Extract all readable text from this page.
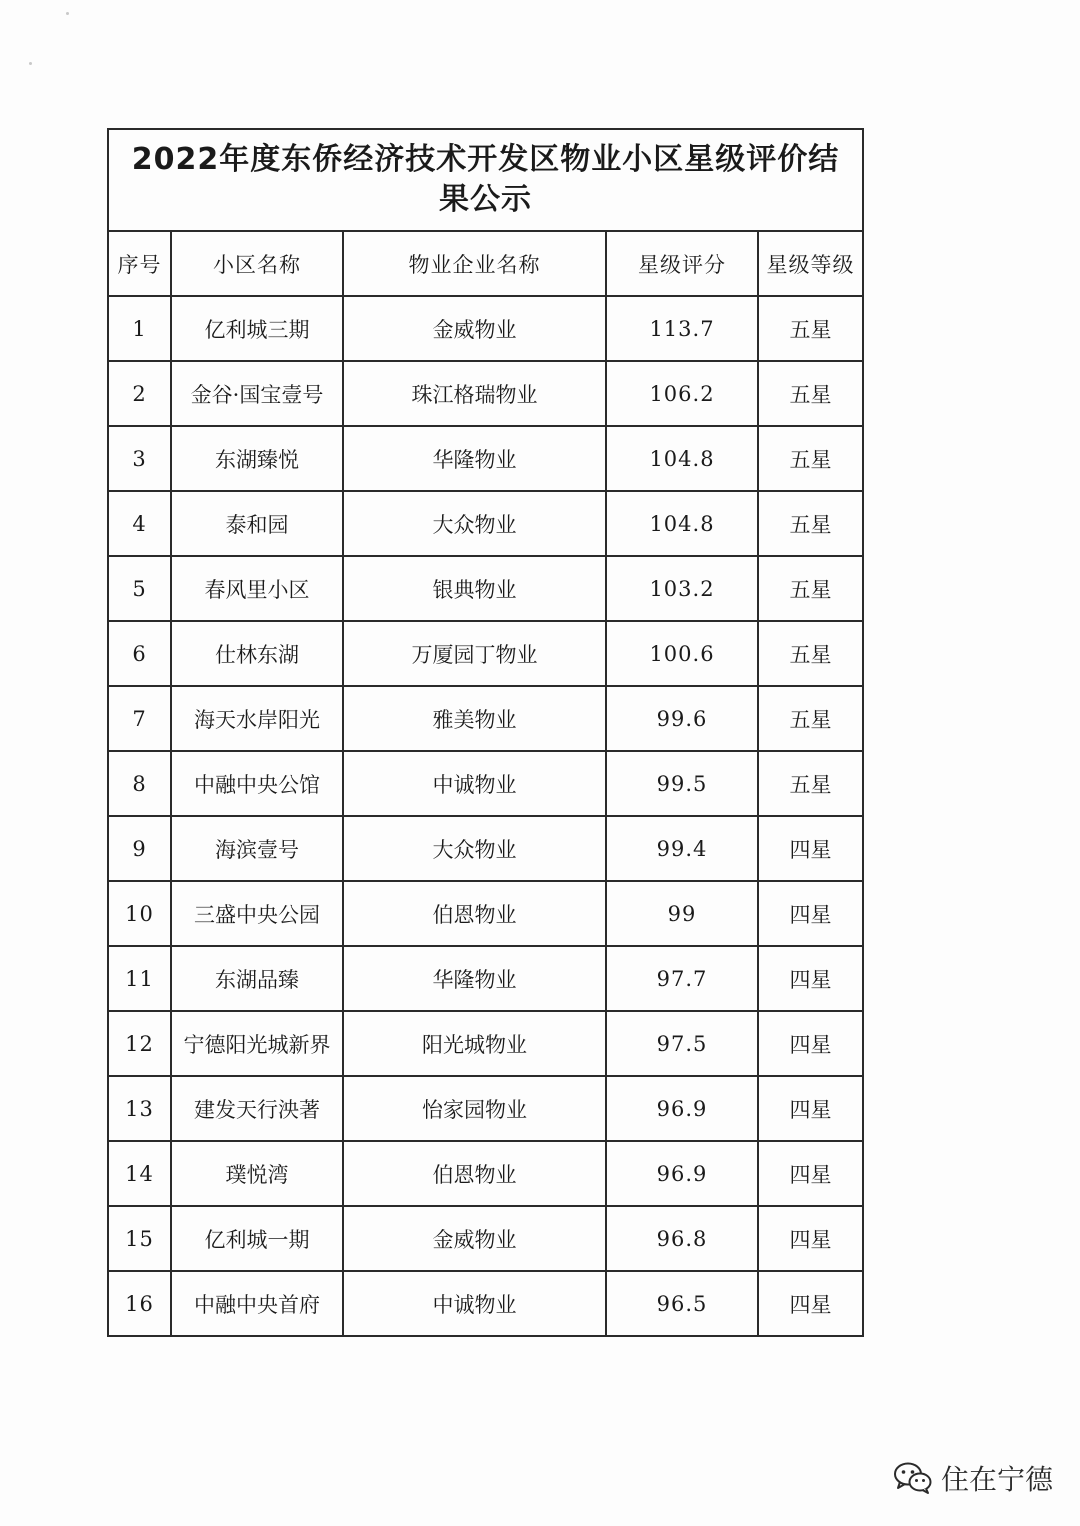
2022年度东侨经济技术开发区物业小区星级评价结果公示				
序号	小区名称	物业企业名称	星级评分	星级等级
1	亿利城三期	金威物业	113.7	五星
2	金谷·国宝壹号	珠江格瑞物业	106.2	五星
3	东湖臻悦	华隆物业	104.8	五星
4	泰和园	大众物业	104.8	五星
5	春风里小区	银典物业	103.2	五星
6	仕林东湖	万厦园丁物业	100.6	五星
7	海天水岸阳光	雅美物业	99.6	五星
8	中融中央公馆	中诚物业	99.5	五星
9	海滨壹号	大众物业	99.4	四星
10	三盛中央公园	伯恩物业	99	四星
11	东湖品臻	华隆物业	97.7	四星
12	宁德阳光城新界	阳光城物业	97.5	四星
13	建发天行泱著	怡家园物业	96.9	四星
14	璞悦湾	伯恩物业	96.9	四星
15	亿利城一期	金威物业	96.8	四星
16	中融中央首府	中诚物业	96.5	四星
住在宁德
